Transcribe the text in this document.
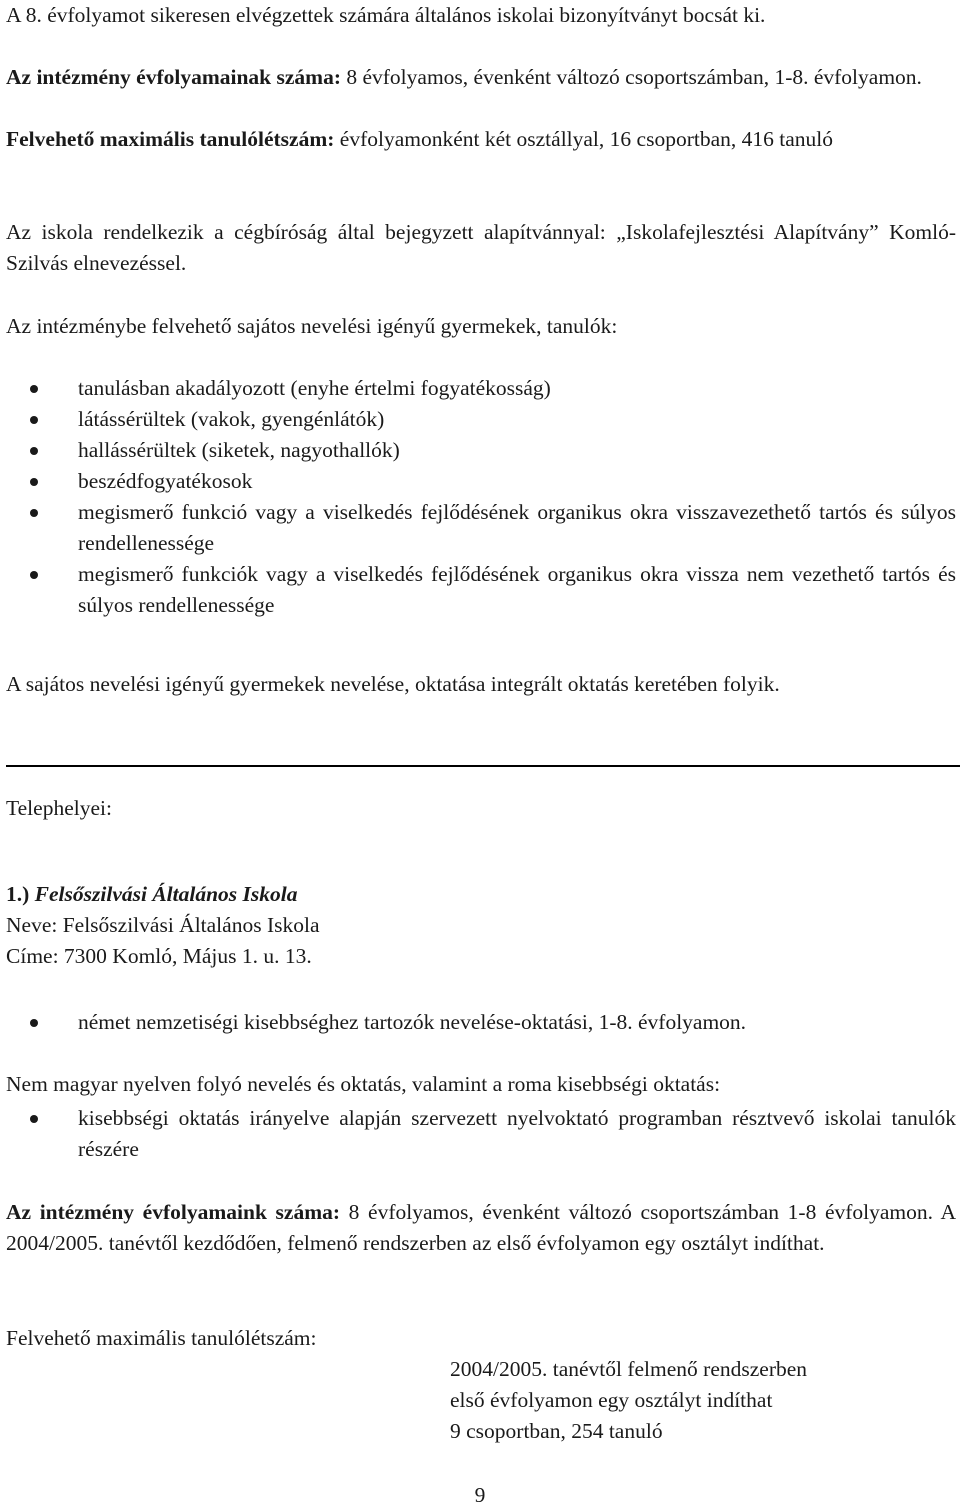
A 8. évfolyamot sikeresen elvégzettek számára általános iskolai bizonyítványt bocsát ki.
Az intézmény évfolyamainak száma: 8 évfolyamos, évenként változó csoportszámban, 1-8. évfolyamon.
Felvehető maximális tanulólétszám: évfolyamonként két osztállyal, 16 csoportban, 416 tanuló
Az iskola rendelkezik a cégbíróság által bejegyzett alapítvánnyal: „Iskolafejlesztési Alapítvány” Komló-Szilvás elnevezéssel.
Az intézménybe felvehető sajátos nevelési igényű gyermekek, tanulók:
tanulásban akadályozott (enyhe értelmi fogyatékosság)
látássérültek (vakok, gyengénlátók)
hallássérültek (siketek, nagyothallók)
beszédfogyatékosok
megismerő funkció vagy a viselkedés fejlődésének organikus okra visszavezethető tartós és súlyos rendellenessége
megismerő funkciók vagy a viselkedés fejlődésének organikus okra vissza nem vezethető tartós és súlyos rendellenessége
A sajátos nevelési igényű gyermekek nevelése, oktatása integrált oktatás keretében folyik.
Telephelyei:
1.) Felsőszilvási Általános Iskola
Neve: Felsőszilvási Általános Iskola
Címe: 7300 Komló, Május 1. u. 13.
német nemzetiségi kisebbséghez tartozók nevelése-oktatási, 1-8. évfolyamon.
Nem magyar nyelven folyó nevelés és oktatás, valamint a roma kisebbségi oktatás:
kisebbségi oktatás irányelve alapján szervezett nyelvoktató programban résztvevő iskolai tanulók részére
Az intézmény évfolyamaink száma: 8 évfolyamos, évenként változó csoportszámban 1-8 évfolyamon. A 2004/2005. tanévtől kezdődően, felmenő rendszerben az első évfolyamon egy osztályt indíthat.
Felvehető maximális tanulólétszám:
2004/2005. tanévtől felmenő rendszerben
első évfolyamon egy osztályt indíthat
9 csoportban, 254 tanuló
9
